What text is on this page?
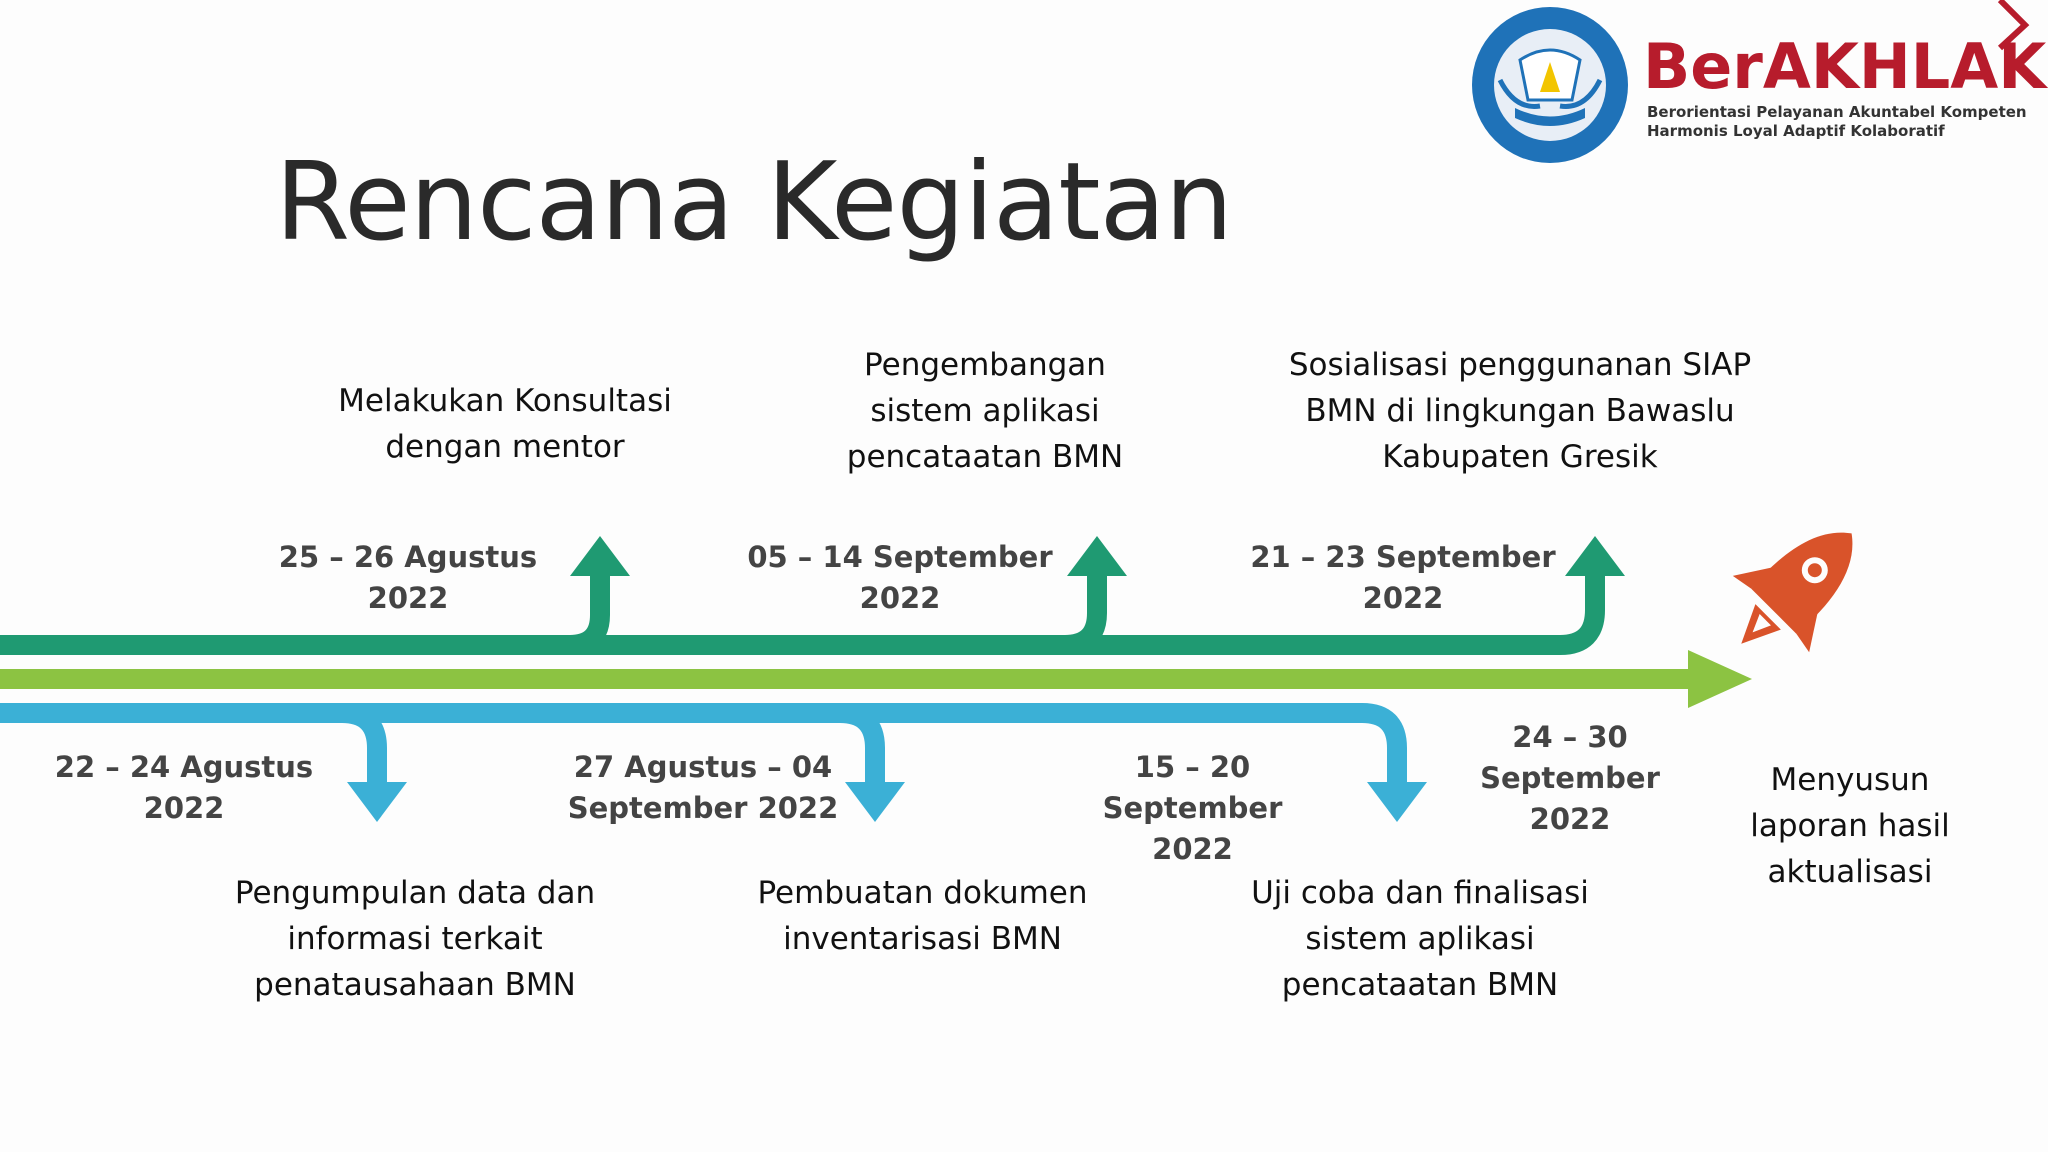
Rencana Kegiatan
BerAKHLAK
Berorientasi Pelayanan Akuntabel Kompeten
Harmonis Loyal Adaptif Kolaboratif
Melakukan Konsultasi
dengan mentor
25 – 26 Agustus
2022
Pengembangan
sistem aplikasi
pencataatan BMN
05 – 14 September
2022
Sosialisasi penggunanan SIAP
BMN di lingkungan Bawaslu
Kabupaten Gresik
21 – 23 September
2022
22 – 24 Agustus
2022
Pengumpulan data dan
informasi terkait
penatausahaan BMN
27 Agustus – 04
September 2022
Pembuatan dokumen
inventarisasi BMN
15 – 20 September
2022
Uji coba dan finalisasi
sistem aplikasi
pencataatan BMN
24 – 30
September 2022
Menyusun
laporan hasil
aktualisasi
